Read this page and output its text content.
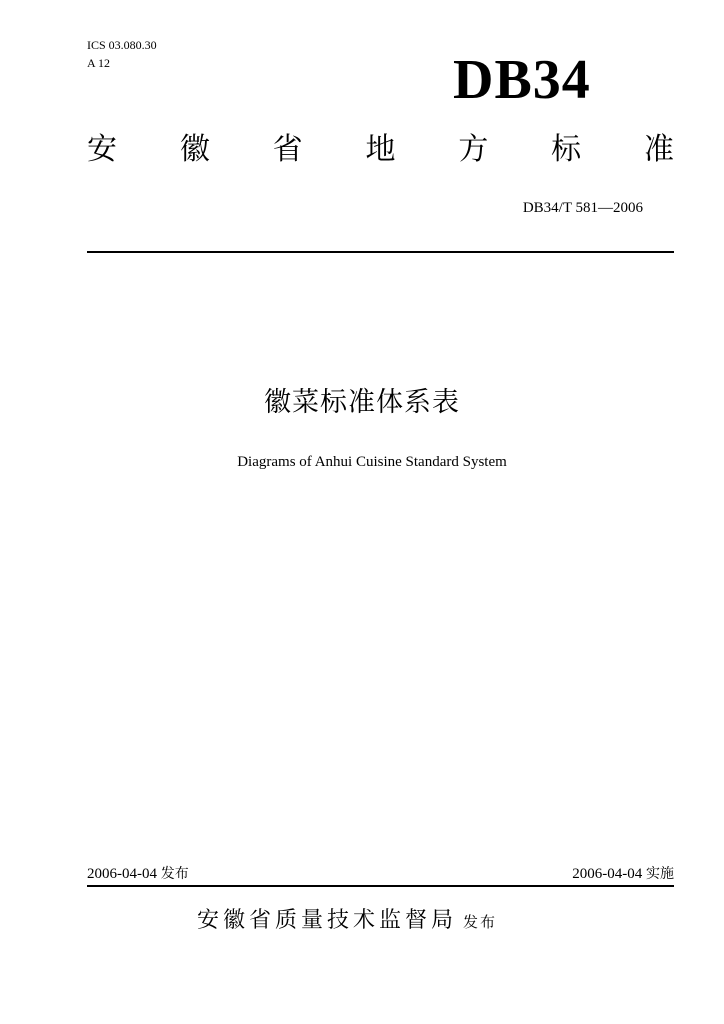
ICS 03.080.30
A 12	DB34
安 徽 省 地 方 标 准
DB34/T 581—2006
徽菜标准体系表
Diagrams of Anhui Cuisine Standard System
2006-04-04 发布	2006-04-04 实施
安徽省质量技术监督局 发布
